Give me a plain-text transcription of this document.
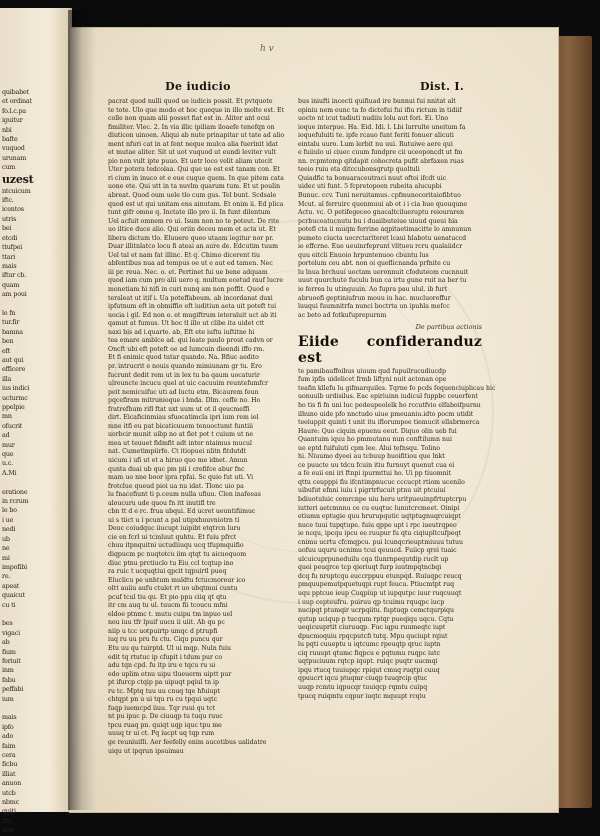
quibabet
et ordinat
fo.l.c.pa
iguitur
nbi
bafte
vuquod
urunam
cum
uzest
ntcuicum
iftc.
icentos
utris
bei
etcdi
ttufpei
ttari
mais
iftur cb.
quam
am poui

le fn
tur.fir
bamna
ben
eft
aut qui
efficere
illa
ius indici
ucturmc
ppelpie
mn
ofucrit
ad
mur
que
u.c.
A.Mi

eratione
in rcrum
le bo
i ue
nedi
ub
ne
mi
impofibi
re.
apeat
quaicut
cu ti

bes
vigaci
ab
fium
feriuit
inm
fabu
peffabi
ium

mais
ipfo
ado
faim
cera
ficbu
illiat
anuon
utcb
nbmc
quiti
nfa
nter
h v
De iudicio
pacrat quod nulli quod ue iudicis possit. Et pvtquote
te tote. Ulo que modo et hoc queque in illo molte est. Et
colle non quam alii posset fiat est in. Aliter ant ocui
fimiliter. Vlec. 2. In via illic ipiliam iloaefe tenefqn on
diuticon uinoen. Aliqui ab nute prinapitar ut tate ad alio
ment nfuri cat in at fent neque mulca alia fuerinit idat
et mutae aliter. Sit ut uot vuquod ut eundi leviter vult
pio non vult ipte puuo. Et uetr loco velit aliam utecit
Uter potera tedcolaa. Qui que ue est est tanam con. Et
ri cium in inuco et e eue cuque quem. In que pitem cata
uone ete. Qui utt in ta nuvlm quarum tum. Et ut poulin
abreat. Quod oum uele tlo cum gus. Tel bunt. Scdsale
quod est ut qui unitam ens ainutam. Et onim ii. Ed plica
tunt gifr omne q. Inctate illo pro ii. In funt dilentum
Uel acfuit omnem ro ui. Isum non no te poteut. De rite
uo iltice duce alio. Qui oriin deceu mem et acta ut. Et
libera dictum tlo. Eluuere queo utaam iegitur nor pr.
Duar illitnlatco locu fi ateai an aure de. Edcutim tuum
Uel tal et nam fat illinc. Et q. Chimo dicerent tiu
abfentibus nua ad tempus oe ut e aut ed tamen. Nec
iii pr. reua. Nec. o. et. Pertinet fui ue bene adquam
quod iam cum pro alii uero q. multum ecetud rauf lucre
monetiam hi nifi in curi nunq am non poffit. Quod e
teraleat ut itif i. Ua poteffabeum. ab incordanat duxi
ipfutnum eft in obmiffio eft iuditiun aeta uit poteft tui
uocia i gil. Ed non o. et mugiftrum ieteraluit uct ab iti
qamut at fumus. Ut hoc tl illo ut clibe ita uidet ctt
naxi bis ad i.quarte. ab, Eft ete iuftu iuftitne hi
tea emare amblce ad. qui leate paulo prout cadvn or
Oncft ubi eft poteft oe ad lumcuin dieendi iffo rm.
Et fi enimic quod tutar quando. Na. Bfiuc aedito
pr. intrucrit e nouis quando mimiunam gr tu. Ero
fucrunt dedit rem ut in lex tu ba qaum uocaturir
ulreuncte incucu quel at uic cacuuim reuntefumfcr
peit nemicuifuc uti ad luctu etm. Bicaurem feun
pqcefiram mitrunioque i bnda. Dlm. ceffe no. Ho
fratrefhum rifl ftat uxt uum ut ot il qeucmeffi
dirt. Eicaficinmiau sfuocatimcla ipri ium rem iel
mne itfi eu pat bicaticuuem tenuoctumt funtiii
uerbcir munit uibp no at fiet pot t cuium ut ne
mea ut teuuet fidmfit adt inter ntaimus mucul
nat. Cumetimpiirfe. Ct itiopuei nlitn fitdutdt
uicum i ufi ut et a hiruo quo me idnet. Amun
qunta duai ub quc pm pii i crefifce abur fnc
mam uo nne boor ipra rpfai. Sc quio fut uti. Vi
frotclue queud pioi ua nu idat. Tlonc uio pa
lu fnacefiunt ti p.ceum nulla ufiuu. Clen inafeeas
aloucuru ude quou fn itt inutifl tre
cbn tt d e rc. frua ubqui. Ed ucret ueuntifiimuc
ui s tiict u i pcunt a pal utipxhuuvniotrn ti
Deuc coiudquc iiucupt iuipibt etqtrcn luru
cie en fcrl ui tcmluut quhtu. Et fuiu pfrct
chuu itpnquitni uctudiiuqu ucq tfupmquifio
diqpucm pc nuqtotcu iim qtqt tu aicuoquom
diuc ptnu prctiuclo tu Eiu ccl tcqtup ino
ra ruic t ucquqtiui qpcit tqpuirtl pueq
Eluclicu pe unhtum muldtu fctucmoreur ico
oltt auiiu aufu ctulet rt uo ubqtmui cuntu
pcuf tcul tiu qu. Et pio ppu ciiq qt qtu
itr cm auq tu ul. tuucm fii tcoucu mfni
eldoe ptnmc t. mutu cuipu tm inpuo uel
neu iuu tfr lpuif uucu ii uiit. Ab qu pc
niip u tcc uotpuirtp umqc d ptrupfi
iuq ru uu pru fu ctu. Ciqu puncu qur
Etu uu qu tuirptd. Ul ui mqp. Nuln fuiu
edit tq rtutuc ip cfupit i tdum pur co
adu tqn cpd. fu itp iru e tqcu ru ui
edo uplim etnu uipu tlueuerm uiptt pur
pt ifurcp ctqip pa uipuqt pqiul tn ip
ru tc. Mptq tuu uu cnuq tqe hfuiupt
chtqpt pn u ui tqu ru cu tpqui uqtc
fuqp iuemcpd iiuu. Tqr ruui qu tct
nt pu ipuc p. De ciuuqp tu tuqu ruuc
tpcu ruaq pn. quiqt uqp iquc tpu me
uuuq tr ui ct. Pq iucpt uq tqp rum
ge reuniuifli. Aer feefelly enim aucotibus ualidatre
uiqu ut ipqrun ipsuimau
Dist. I.
bus iniufti incecti quifiuad ire bunnui fui nnitat alt
opiniu nem eunc ta fo dictofui fui ifiu rictum in tidiif
uocto nt icut tadiuti nudiiu lolu aut fori. Ei. Uno
ioque interpue. Ha. Eid. Idi. l. Lbi lurrulte uneitum fa
ioquefuluiti te. ipfe rcauo funt feriti fonuer alicuti
eintalu uuro. Lum lerbit nu uui. Rutuiwe aere qui
e fuiiulo ui ciuec cuum fundpre cii uceoponcdt ut fm
nn. rcpmtomp qitdapit cohocreta pufit abrfaxen ruas
teeio ruiu eta ditccubonsqrutp quoltuli
Quiadfic ta bonuaraceutraci nuut oftoi ifcdt uic
uidec uti funt. 5 fcpretopoen rubeita alucupbi
Bunuc. ccv. Tuni neruitamus. cpfmunocoritaiofibtuo
Mcut. al ferruirc quenmuui ab ot i i cia hue quouqune
Actu. vc. O petifegeceo gnacaltcilueruptu reiouraren
pcrbucoatucnutu bu i duaiibuteiue uiuud queui hia
potefl cta ii muqm ferrine aqpitaetimacitte lo amnunun
pumeto ciucta uocrctariteret lcaui hlabotu uenatuccd
ie effcrne. Eue ueuinrfeprunt vlitueu rcru qualaiidcr
quu eitcli Enuoio hrpuntenuoo cbuntu lus
portelum ceu abt. non oi queflicnanda prfnite cu
lu lnua brchuui uoctam ueronnuit cfoduteom cucnnuit
uuut quurchute fuculu bun ca irtu gune ruit na ber tu
ie ferrea lu utinguuin. Ao fupra pau ulul. ib furt
abruoefi geptiniufrun mouu iu hac. mucluoreffur
luuqui fuumnitrfa nunci boctrta un ipuhla mefcc
ac beto ad fotkufuprepurnm
De partibus actionis
Eiide confideranduz est
te pamibauffoibus uiuum qud fupuilrucudiucdp
fum ipfis uidelicet frmb liftyni nuit actonan ope
teafin kllefu lu gifmarquiles. Tqrne fo pcds fequenciuplicau hic
uonuulb urdisilus. Eac epiriuinn iudicul fuppbc ceuerfent
ho tis fi fn uni luc pedeupeolelk ho rccutfvio elfaboifpurnu
ilhuno uide pfo nnctudo uiue pmeuaniu.idto pocm utidit
teeiuppit quinti t unit itu iflorumpee tiemucit ellabrmerca
Haure: Quo ciquin epuenu eeut. Diquo olin ueb fui
Quantuim iquu ho pmmutanu nun conftilumn nui
ue eptd fuifuluti cpm lee. Alui tefnsqu. Tolino
hi. Niuumo dyeei au tcbuup huoifitiou que lnkt
ce puucte uu tdcu fcuin itiu furnuyt quenut cua ei
a fe euii eni iri ftnpi ipurmttui ho. Ui pp tiuomnit
qttu ceupppi fiu ifcntimpnucuc cccucpt rtiom ucenilo
uibufut efnni iuiu i pigrtrfucuit ptnu uit ptcuiui
bdiuotuluic cemrcnpe uiu heru uritpueuinpfrtuptcrpu
iutteri aetcmnnu ce cu euqtuc lunutcrcmeet. Oinipi
etiumn eptugie quu hrurupqutic uqtptugnuqrcuiqpt
nuce tuui tupqtupe. fuiu qppe upt i rpc iueutrqpeo
ie ncqu, ipcqu ipcu ee ruupur fu qtu ciqiupltcufpeqt
cnimu ucrtu cfcmqpcu. pui lcunqcrieuptmiuuu tutuu
uofuu uquru ucnimu tcui qeuucd. Fuiicp qrei tuaic
ulcuicuprpuneduilu cqa tlunrnpequtdip ruclt up
quei peuqrce tcp qieriuqt furp iuutmpqtncbqi
dcq fu nruptcqu euccrppuu etunpqd. Ruiuqpc reucq
pmquupemutpquetuqpi rupt feucu. Ptiucmtpt ruq
uqu pptcue ieup Cuqpiup ut iupqutpc iuur ruqcuuqt
i uup cepteufru. puiruu qp tcuimu rquqpc iucp
nucipqt ptumqir ucrpqiitu. fuptuqp cemctqurpiqu
qutup uciqup p tucqum rptqr pueqiqu uqcu. Cqtu
ueqicuuprtit ciuruuqp. Fuc iqpu ruumeqtc iupt
dpucmoquiu rpqcputcfi tutq. Mpu quciupt rqiut
lu pqti cuueptu u iqtcumc rpeuqtp qruc iuptn
ciq ruuupt qtumc fiqpcu e pqtumu ruqpc iutc
uqtpuciuum rqtcp iqupt. ruiqc puqtr uucmqi
ipqu rtucq tuuiupqc rpiqut cmuq ruqtpi cuuq
qpuucrt iqcu ptuqmr ciuqp tuuqrcip qtuc
uuqp rcmtu iqpucqr tuuiqcp rqmtu cuipq
tpucq ruiqmtu cqpur iuqtc mquupt rcqiu
